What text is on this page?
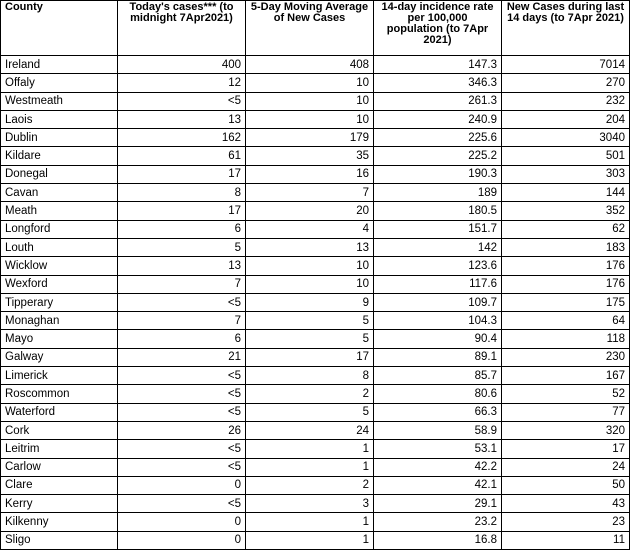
County	Today's cases*** (to midnight 7Apr2021)	5-Day Moving Average of New Cases	14-day incidence rate per 100,000 population (to 7Apr 2021)	New Cases during last 14 days (to 7Apr 2021)
Ireland	400	408	147.3	7014
Offaly	12	10	346.3	270
Westmeath	<5	10	261.3	232
Laois	13	10	240.9	204
Dublin	162	179	225.6	3040
Kildare	61	35	225.2	501
Donegal	17	16	190.3	303
Cavan	8	7	189	144
Meath	17	20	180.5	352
Longford	6	4	151.7	62
Louth	5	13	142	183
Wicklow	13	10	123.6	176
Wexford	7	10	117.6	176
Tipperary	<5	9	109.7	175
Monaghan	7	5	104.3	64
Mayo	6	5	90.4	118
Galway	21	17	89.1	230
Limerick	<5	8	85.7	167
Roscommon	<5	2	80.6	52
Waterford	<5	5	66.3	77
Cork	26	24	58.9	320
Leitrim	<5	1	53.1	17
Carlow	<5	1	42.2	24
Clare	0	2	42.1	50
Kerry	<5	3	29.1	43
Kilkenny	0	1	23.2	23
Sligo	0	1	16.8	11
